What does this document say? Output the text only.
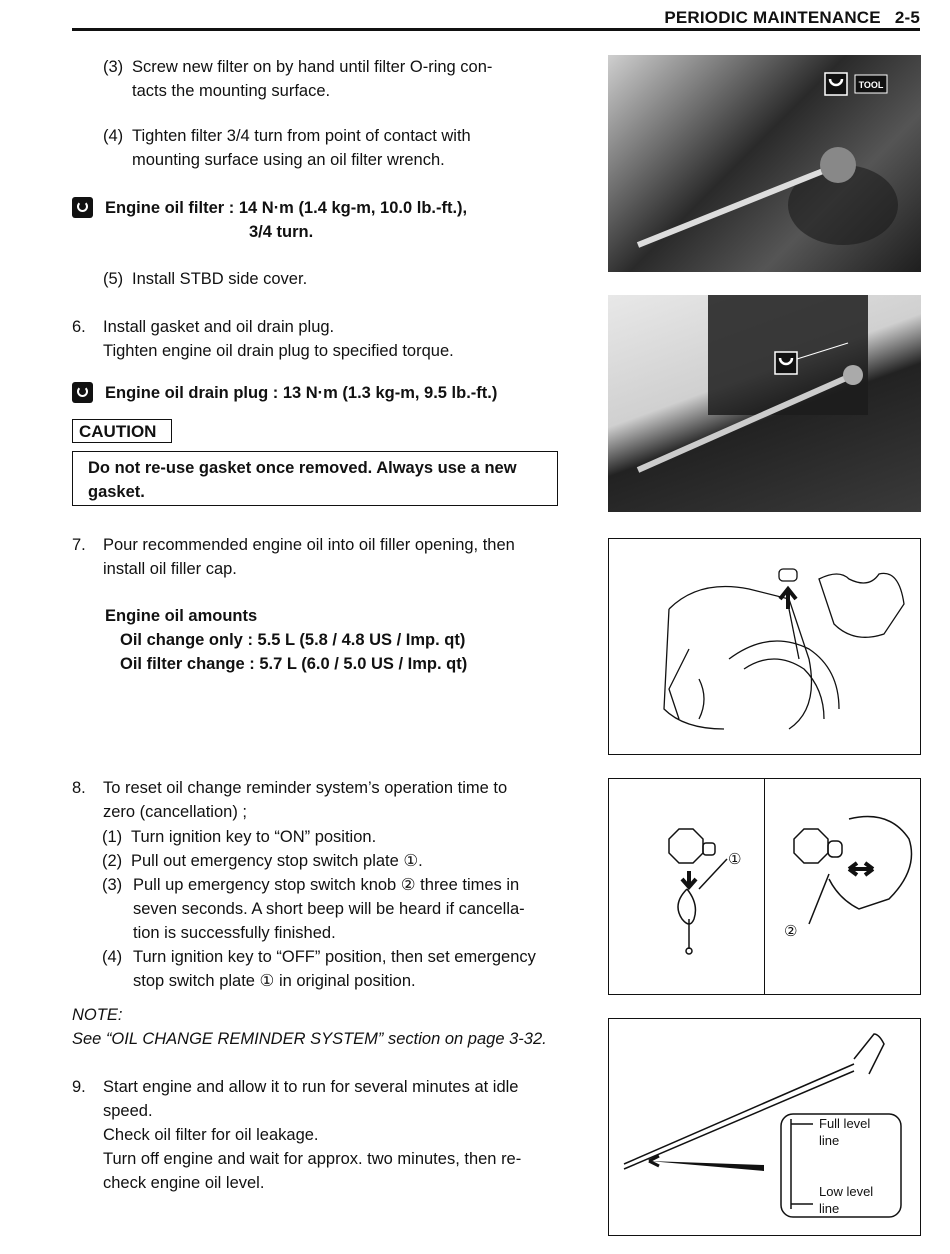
PERIODIC MAINTENANCE 2-5
(3) Screw new filter on by hand until filter O-ring con-
tacts the mounting surface.
(4) Tighten filter 3/4 turn from point of contact with
mounting surface using an oil filter wrench.
Engine oil filter : 14 N·m (1.4 kg-m, 10.0 lb.-ft.),
3/4 turn.
(5) Install STBD side cover.
6. Install gasket and oil drain plug.
Tighten engine oil drain plug to specified torque.
Engine oil drain plug : 13 N·m (1.3 kg-m, 9.5 lb.-ft.)
CAUTION
Do not re-use gasket once removed. Always use a new
gasket.
7. Pour recommended engine oil into oil filler opening, then
install oil filler cap.
Engine oil amounts
Oil change only : 5.5 L (5.8 / 4.8 US / Imp. qt)
Oil filter change : 5.7 L (6.0 / 5.0 US / Imp. qt)
8. To reset oil change reminder system’s operation time to
zero (cancellation) ;
(1) Turn ignition key to “ON” position.
(2) Pull out emergency stop switch plate ①.
(3) Pull up emergency stop switch knob ② three times in
seven seconds. A short beep will be heard if cancella-
tion is successfully finished.
(4) Turn ignition key to “OFF” position, then set emergency
stop switch plate ① in original position.
NOTE:
See “OIL CHANGE REMINDER SYSTEM” section on page 3-32.
9. Start engine and allow it to run for several minutes at idle
speed.
Check oil filter for oil leakage.
Turn off engine and wait for approx. two minutes, then re-
check engine oil level.
TOOL
①
②
Full level
line
Low level
line
